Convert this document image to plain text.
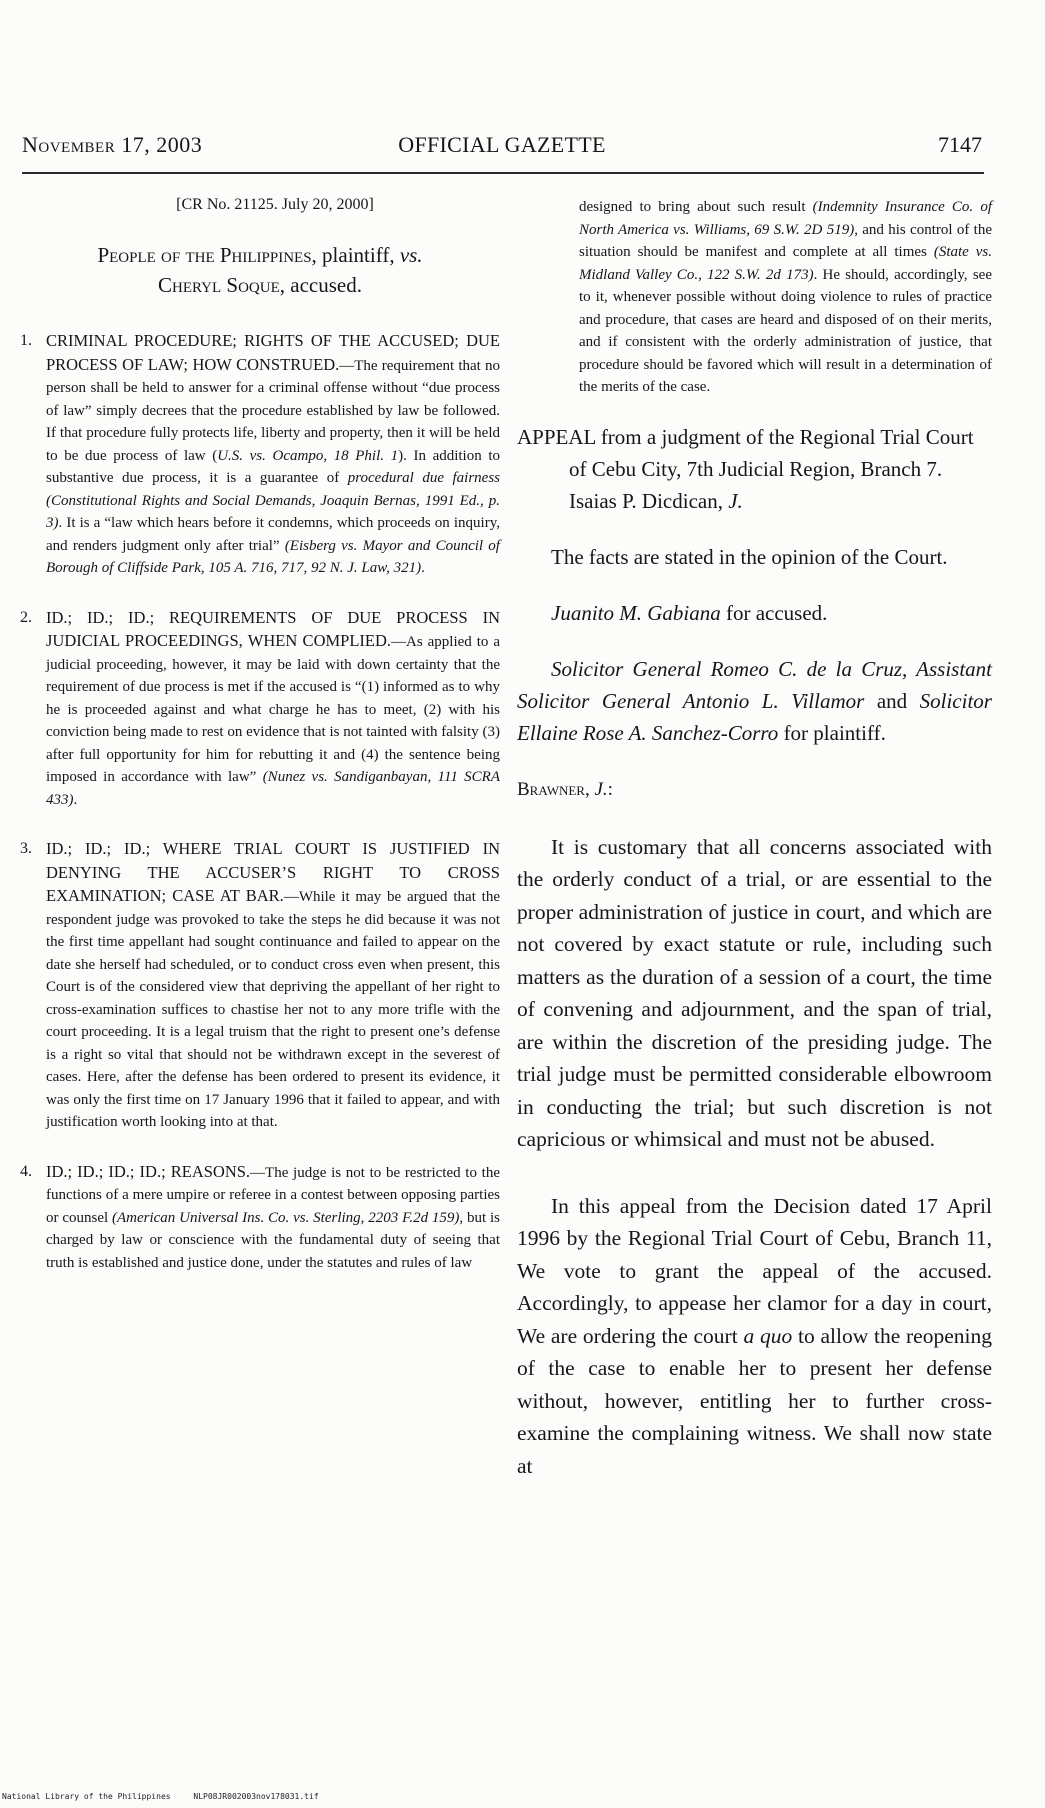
November 17, 2003	OFFICIAL GAZETTE	7147
[CR No. 21125. July 20, 2000]
People of the Philippines, plaintiff, vs.
Cheryl Soque, accused.
1. CRIMINAL PROCEDURE; RIGHTS OF THE ACCUSED; DUE PROCESS OF LAW; HOW CONSTRUED.—The requirement that no person shall be held to answer for a criminal offense without “due process of law” simply decrees that the procedure established by law be followed. If that procedure fully protects life, liberty and property, then it will be held to be due process of law (U.S. vs. Ocampo, 18 Phil. 1). In addition to substantive due process, it is a guarantee of procedural due fairness (Constitutional Rights and Social Demands, Joaquin Bernas, 1991 Ed., p. 3). It is a “law which hears before it condemns, which proceeds on inquiry, and renders judgment only after trial” (Eisberg vs. Mayor and Council of Borough of Cliffside Park, 105 A. 716, 717, 92 N. J. Law, 321).
2. ID.; ID.; ID.; REQUIREMENTS OF DUE PROCESS IN JUDICIAL PROCEEDINGS, WHEN COMPLIED.—As applied to a judicial proceeding, however, it may be laid with down certainty that the requirement of due process is met if the accused is “(1) informed as to why he is proceeded against and what charge he has to meet, (2) with his conviction being made to rest on evidence that is not tainted with falsity (3) after full opportunity for him for rebutting it and (4) the sentence being imposed in accordance with law” (Nunez vs. Sandiganbayan, 111 SCRA 433).
3. ID.; ID.; ID.; WHERE TRIAL COURT IS JUSTIFIED IN DENYING THE ACCUSER’S RIGHT TO CROSS EXAMINATION; CASE AT BAR.—While it may be argued that the respondent judge was provoked to take the steps he did because it was not the first time appellant had sought continuance and failed to appear on the date she herself had scheduled, or to conduct cross even when present, this Court is of the considered view that depriving the appellant of her right to cross-examination suffices to chastise her not to any more trifle with the court proceeding. It is a legal truism that the right to present one’s defense is a right so vital that should not be withdrawn except in the severest of cases. Here, after the defense has been ordered to present its evidence, it was only the first time on 17 January 1996 that it failed to appear, and with justification worth looking into at that.
4. ID.; ID.; ID.; ID.; REASONS.—The judge is not to be restricted to the functions of a mere umpire or referee in a contest between opposing parties or counsel (American Universal Ins. Co. vs. Sterling, 2203 F.2d 159), but is charged by law or conscience with the fundamental duty of seeing that truth is established and justice done, under the statutes and rules of law

designed to bring about such result (Indemnity Insurance Co. of North America vs. Williams, 69 S.W. 2D 519), and his control of the situation should be manifest and complete at all times (State vs. Midland Valley Co., 122 S.W. 2d 173). He should, accordingly, see to it, whenever possible without doing violence to rules of practice and procedure, that cases are heard and disposed of on their merits, and if consistent with the orderly administration of justice, that procedure should be favored which will result in a determination of the merits of the case.

APPEAL from a judgment of the Regional Trial Court of Cebu City, 7th Judicial Region, Branch 7. Isaias P. Dicdican, J.

The facts are stated in the opinion of the Court.

Juanito M. Gabiana for accused.

Solicitor General Romeo C. de la Cruz, Assistant Solicitor General Antonio L. Villamor and Solicitor Ellaine Rose A. Sanchez-Corro for plaintiff.

Brawner, J.:

It is customary that all concerns associated with the orderly conduct of a trial, or are essential to the proper administration of justice in court, and which are not covered by exact statute or rule, including such matters as the duration of a session of a court, the time of convening and adjournment, and the span of trial, are within the discretion of the presiding judge. The trial judge must be permitted considerable elbowroom in conducting the trial; but such discretion is not capricious or whimsical and must not be abused.

In this appeal from the Decision dated 17 April 1996 by the Regional Trial Court of Cebu, Branch 11, We vote to grant the appeal of the accused. Accordingly, to appease her clamor for a day in court, We are ordering the court a quo to allow the reopening of the case to enable her to present her defense without, however, entitling her to further cross-examine the complaining witness. We shall now state at

National Library of the Philippines	NLP08JR002003nov178031.tif
